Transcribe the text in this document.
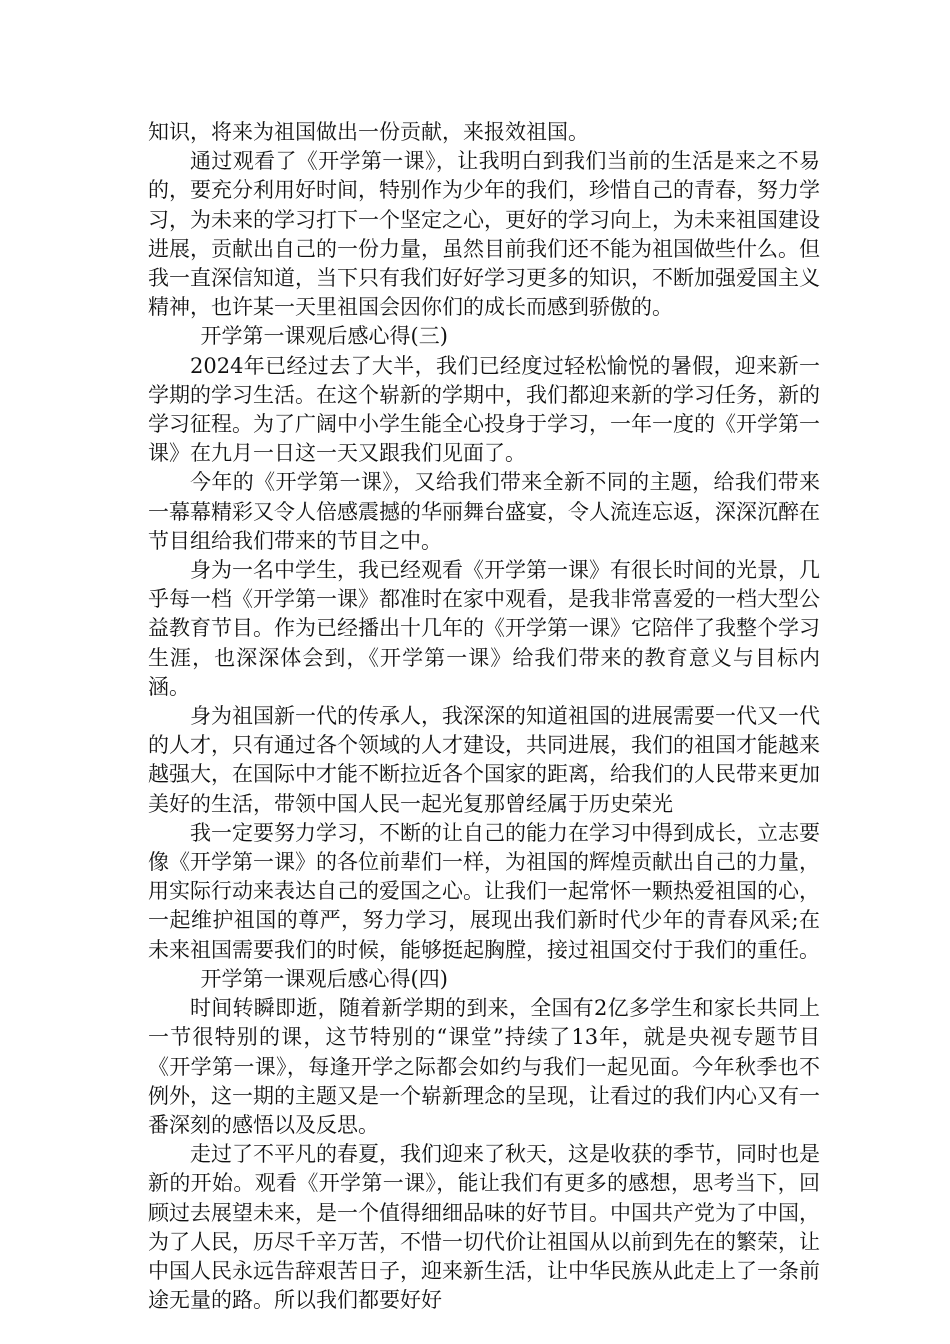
知识，将来为祖国做出一份贡献，来报效祖国。

通过观看了《开学第一课》，让我明白到我们当前的生活是来之不易的，要充分利用好时间，特别作为少年的我们，珍惜自己的青春，努力学习，为未来的学习打下一个坚定之心，更好的学习向上，为未来祖国建设进展，贡献出自己的一份力量，虽然目前我们还不能为祖国做些什么。但我一直深信知道，当下只有我们好好学习更多的知识，不断加强爱国主义精神，也许某一天里祖国会因你们的成长而感到骄傲的。

开学第一课观后感心得(三)

2024年已经过去了大半，我们已经度过轻松愉悦的暑假，迎来新一学期的学习生活。在这个崭新的学期中，我们都迎来新的学习任务，新的学习征程。为了广阔中小学生能全心投身于学习，一年一度的《开学第一课》在九月一日这一天又跟我们见面了。

今年的《开学第一课》，又给我们带来全新不同的主题，给我们带来一幕幕精彩又令人倍感震撼的华丽舞台盛宴，令人流连忘返，深深沉醉在节目组给我们带来的节目之中。

身为一名中学生，我已经观看《开学第一课》有很长时间的光景，几乎每一档《开学第一课》都准时在家中观看，是我非常喜爱的一档大型公益教育节目。作为已经播出十几年的《开学第一课》它陪伴了我整个学习生涯，也深深体会到，《开学第一课》给我们带来的教育意义与目标内涵。

身为祖国新一代的传承人，我深深的知道祖国的进展需要一代又一代的人才，只有通过各个领域的人才建设，共同进展，我们的祖国才能越来越强大，在国际中才能不断拉近各个国家的距离，给我们的人民带来更加美好的生活，带领中国人民一起光复那曾经属于历史荣光

我一定要努力学习，不断的让自己的能力在学习中得到成长，立志要像《开学第一课》的各位前辈们一样，为祖国的辉煌贡献出自己的力量，用实际行动来表达自己的爱国之心。让我们一起常怀一颗热爱祖国的心，一起维护祖国的尊严，努力学习，展现出我们新时代少年的青春风采;在未来祖国需要我们的时候，能够挺起胸膛，接过祖国交付于我们的重任。

开学第一课观后感心得(四)

时间转瞬即逝，随着新学期的到来，全国有2亿多学生和家长共同上一节很特别的课，这节特别的“课堂”持续了13年，就是央视专题节目《开学第一课》，每逢开学之际都会如约与我们一起见面。今年秋季也不例外，这一期的主题又是一个崭新理念的呈现，让看过的我们内心又有一番深刻的感悟以及反思。

走过了不平凡的春夏，我们迎来了秋天，这是收获的季节，同时也是新的开始。观看《开学第一课》，能让我们有更多的感想，思考当下，回顾过去展望未来，是一个值得细细品味的好节目。中国共产党为了中国，为了人民，历尽千辛万苦，不惜一切代价让祖国从以前到先在的繁荣，让中国人民永远告辞艰苦日子，迎来新生活，让中华民族从此走上了一条前途无量的路。所以我们都要好好
